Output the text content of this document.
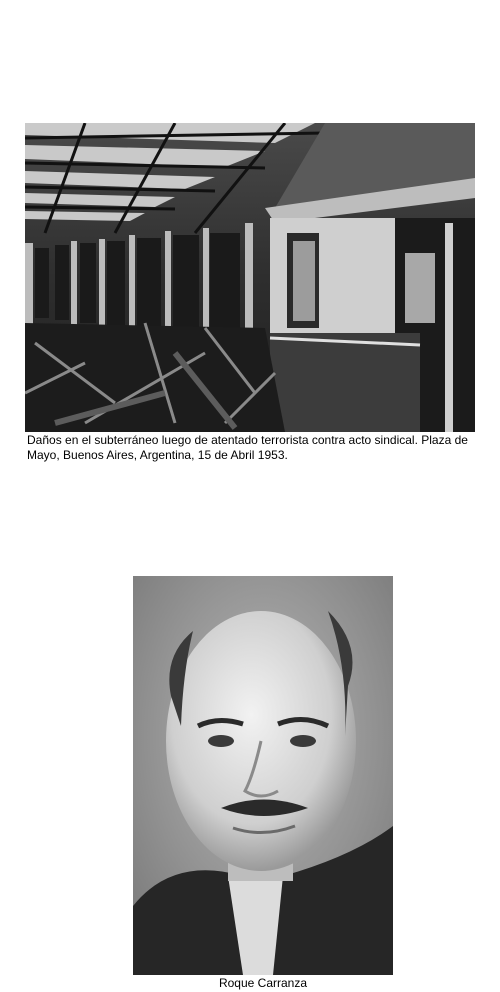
Daños en el subterráneo luego de atentado terrorista contra acto sindical. Plaza de Mayo, Buenos Aires, Argentina, 15 de Abril 1953.
Roque Carranza
